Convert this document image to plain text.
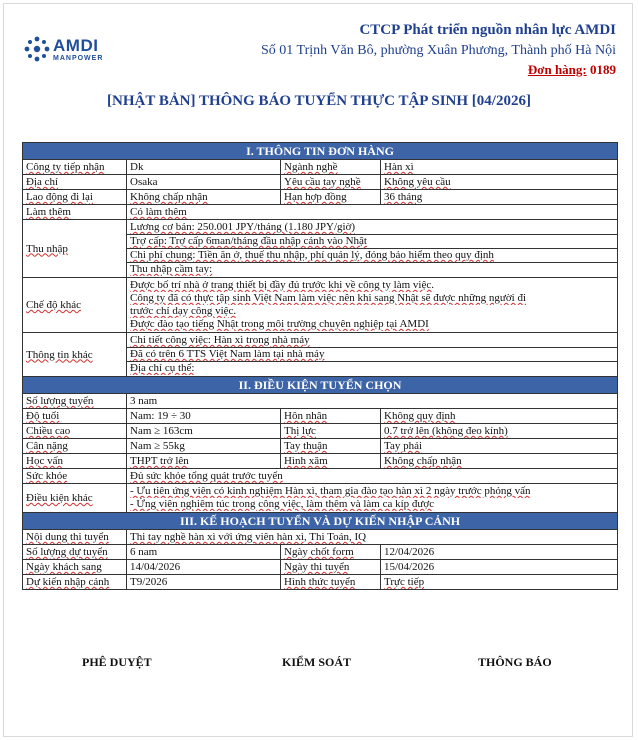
AMDI
MANPOWER
CTCP Phát triển nguồn nhân lực AMDI
Số 01 Trịnh Văn Bô, phường Xuân Phương, Thành phố Hà Nội
Đơn hàng: 0189
[NHẬT BẢN] THÔNG BÁO TUYỂN THỰC TẬP SINH [04/2026]
I. THÔNG TIN ĐƠN HÀNG			
Công ty tiếp nhận	Dk	Ngành nghề	Hàn xì
Địa chỉ	Osaka	Yêu cầu tay nghề	Không yêu cầu
Lao động đi lại	Không chấp nhận	Hạn hợp đồng	36 tháng
Làm thêm	Có làm thêm		
Thu nhập	Lương cơ bản: 250.001 JPY/tháng (1.180 JPY/giờ)
Trợ cấp: Trợ cấp 6man/tháng đầu nhập cảnh vào Nhật
Chi phí chung: Tiền ăn ở, thuế thu nhập, phí quản lý, đóng bảo hiểm theo quy định
Thu nhập cầm tay:		

Chế độ khác	Được bố trí nhà ở trang thiết bị đầy đủ trước khi về công ty làm việc.
Công ty đã có thực tập sinh Việt Nam làm việc nên khi sang Nhật sẽ được những người đi
trước chỉ dạy công việc.
Được đào tạo tiếng Nhật trong môi trường chuyên nghiệp tại AMDI		

Thông tin khác	Chi tiết công việc: Hàn xì trong nhà máy
Đã có trên 6 TTS Việt Nam làm tại nhà máy
Địa chỉ cụ thể:		

II. ĐIỀU KIỆN TUYỂN CHỌN			
Số lượng tuyển	3 nam		
Độ tuổi	Nam: 19 ÷ 30	Hôn nhân	Không quy định
Chiều cao	Nam ≥ 163cm	Thị lực	0.7 trở lên (không đeo kính)
Cân nặng	Nam ≥ 55kg	Tay thuận	Tay phải
Học vấn	THPT trở lên	Hình xăm	Không chấp nhận
Sức khỏe	Đủ sức khỏe tổng quát trước tuyển		
Điều kiện khác	- Ưu tiên ứng viên có kinh nghiệm Hàn xì, tham gia đào tạo hàn xì 2 ngày trước phỏng vấn
- Ứng viên nghiêm túc trong công việc, làm thêm và làm ca kíp được		

III. KẾ HOẠCH TUYỂN VÀ DỰ KIẾN NHẬP CẢNH			
Nội dung thi tuyển	Thi tay nghề hàn xì với ứng viên hàn xì, Thi Toán, IQ		
Số lượng dự tuyển	6 nam	Ngày chốt form	12/04/2026
Ngày khách sang	14/04/2026	Ngày thi tuyển	15/04/2026
Dự kiến nhập cảnh	T9/2026	Hình thức tuyển	Trực tiếp
PHÊ DUYỆT	KIỂM SOÁT	THÔNG BÁO
